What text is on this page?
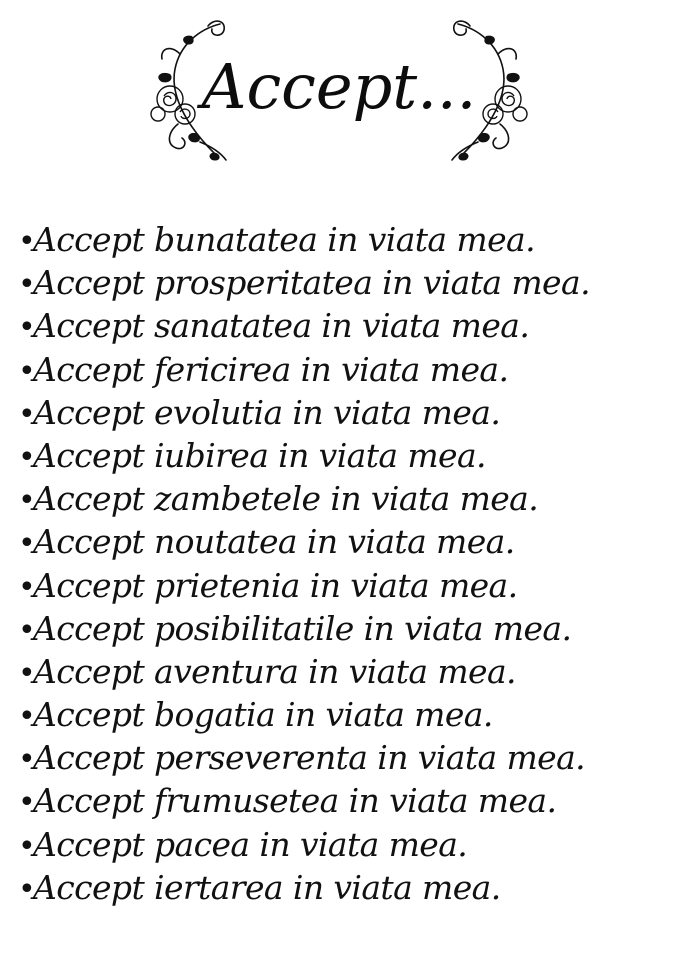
Accept...
•Accept bunatatea in viata mea.
•Accept prosperitatea in viata mea.
•Accept sanatatea in viata mea.
•Accept fericirea in viata mea.
•Accept evolutia in viata mea.
•Accept iubirea in viata mea.
•Accept zambetele in viata mea.
•Accept noutatea in viata mea.
•Accept prietenia in viata mea.
•Accept posibilitatile in viata mea.
•Accept aventura in viata mea.
•Accept bogatia in viata mea.
•Accept perseverenta in viata mea.
•Accept frumusetea in viata mea.
•Accept pacea in viata mea.
•Accept iertarea in viata mea.
